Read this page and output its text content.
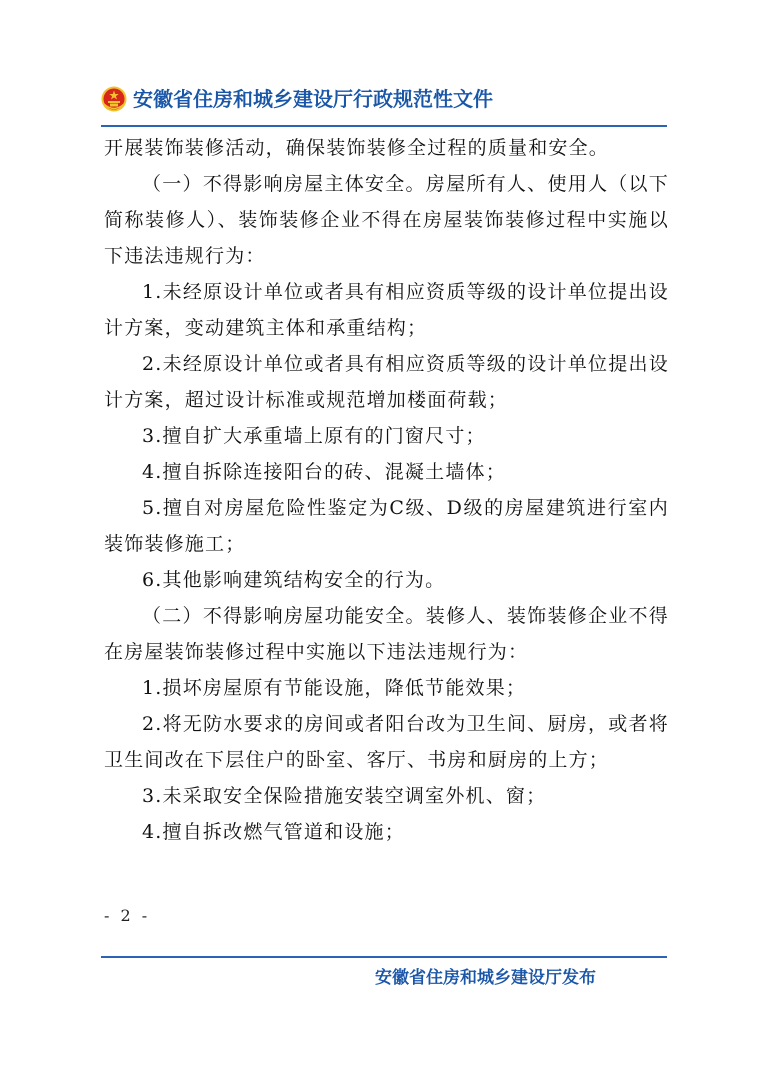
安徽省住房和城乡建设厅行政规范性文件

开展装饰装修活动，确保装饰装修全过程的质量和安全。

（一）不得影响房屋主体安全。房屋所有人、使用人（以下简称装修人）、装饰装修企业不得在房屋装饰装修过程中实施以下违法违规行为：

1.未经原设计单位或者具有相应资质等级的设计单位提出设计方案，变动建筑主体和承重结构；

2.未经原设计单位或者具有相应资质等级的设计单位提出设计方案，超过设计标准或规范增加楼面荷载；

3.擅自扩大承重墙上原有的门窗尺寸；

4.擅自拆除连接阳台的砖、混凝土墙体；

5.擅自对房屋危险性鉴定为C级、D级的房屋建筑进行室内装饰装修施工；

6.其他影响建筑结构安全的行为。

（二）不得影响房屋功能安全。装修人、装饰装修企业不得在房屋装饰装修过程中实施以下违法违规行为：

1.损坏房屋原有节能设施，降低节能效果；

2.将无防水要求的房间或者阳台改为卫生间、厨房，或者将卫生间改在下层住户的卧室、客厅、书房和厨房的上方；

3.未采取安全保险措施安装空调室外机、窗；

4.擅自拆改燃气管道和设施；

- 2 -
安徽省住房和城乡建设厅发布
